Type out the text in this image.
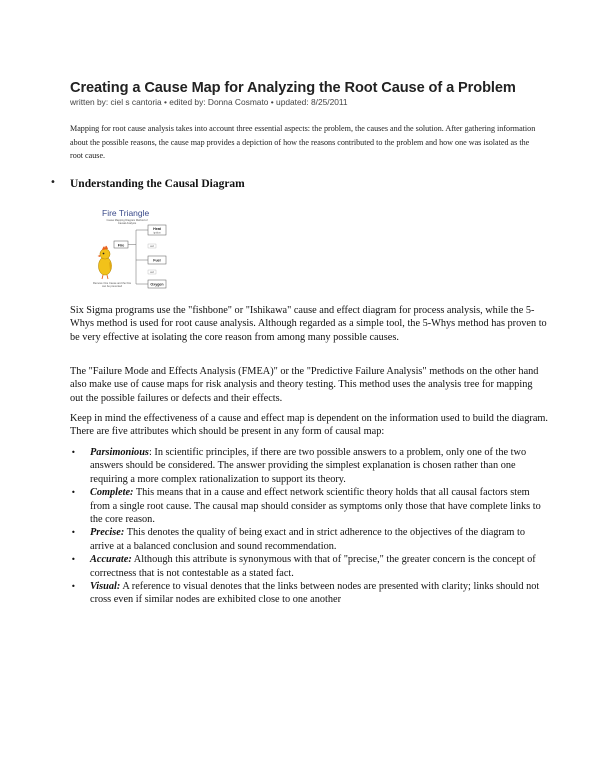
Creating a Cause Map for Analyzing the Root Cause of a Problem
written by: ciel s cantoria • edited by: Donna Cosmato • updated: 8/25/2011
Mapping for root cause analysis takes into account three essential aspects: the problem, the causes and the solution. After gathering information about the possible reasons, the cause map provides a depiction of how the reasons contributed to the problem and how one was isolated as the root cause.
• Understanding the Causal Diagram
Fire Triangle
Cause Mapping Diagram Method of Causal Analysis
Fire	and
and
Heat
ignition
Fuel
Oxygen
Remove One Cause and the Fire can be prevented
Six Sigma programs use the "fishbone" or "Ishikawa" cause and effect diagram for process analysis, while the 5-Whys method is used for root cause analysis. Although regarded as a simple tool, the 5-Whys method has proven to be very effective at isolating the core reason from among many possible causes.
The "Failure Mode and Effects Analysis (FMEA)" or the "Predictive Failure Analysis" methods on the other hand also make use of cause maps for risk analysis and theory testing. This method uses the analysis tree for mapping out the possible failures or defects and their effects.
Keep in mind the effectiveness of a cause and effect map is dependent on the information used to build the diagram. There are five attributes which should be present in any form of causal map:
• Parsimonious: In scientific principles, if there are two possible answers to a problem, only one of the two answers should be considered. The answer providing the simplest explanation is chosen rather than one requiring a more complex rationalization to support its theory.
• Complete: This means that in a cause and effect network scientific theory holds that all causal factors stem from a single root cause. The causal map should consider as symptoms only those that have complete links to the core reason.
• Precise: This denotes the quality of being exact and in strict adherence to the objectives of the diagram to arrive at a balanced conclusion and sound recommendation.
• Accurate: Although this attribute is synonymous with that of "precise," the greater concern is the concept of correctness that is not contestable as a stated fact.
• Visual: A reference to visual denotes that the links between nodes are presented with clarity; links should not cross even if similar nodes are exhibited close to one another
